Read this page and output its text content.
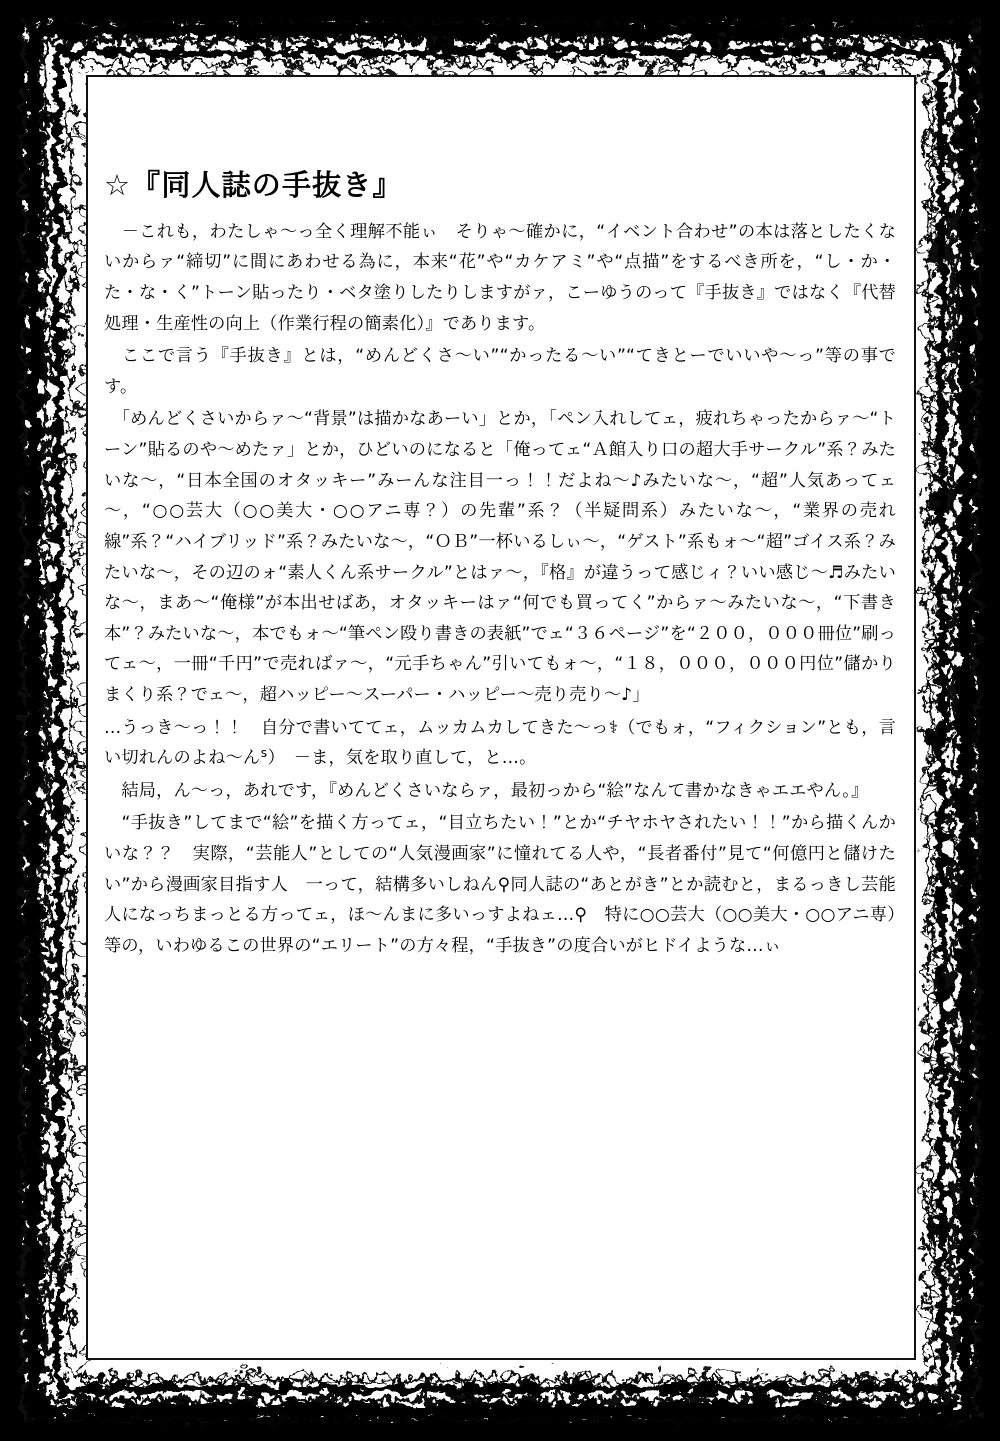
☆『同人誌の手抜き』

　－これも，わたしゃ～っ全く理解不能ぃ　そりゃ～確かに，“イベント合わせ”の本は落としたくないからァ“締切”に間にあわせる為に，本来“花”や“カケアミ”や“点描”をするべき所を，“し・か・た・な・く”トーン貼ったり・ベタ塗りしたりしますがァ，こーゆうのって『手抜き』ではなく『代替処理・生産性の向上（作業行程の簡素化）』であります。

　ここで言う『手抜き』とは，“めんどくさ～い”“かったる～い”“てきとーでいいや～っ”等の事です。

　「めんどくさいからァ～“背景”は描かなあーい」とか，「ペン入れしてェ，疲れちゃったからァ～“トーン”貼るのや～めたァ」とか，ひどいのになると「俺ってェ“Ａ館入り口の超大手サークル”系？みたいな～，“日本全国のオタッキー”みーんな注目一っ！！だよね～♪みたいな～，“超”人気あってェ～，“○○芸大（○○美大・○○アニ専？）の先輩”系？（半疑問系）みたいな～，“業界の売れ線”系？“ハイブリッド”系？みたいな～，“ＯＢ”一杯いるしぃ～，“ゲスト”系もォ～“超”ゴイス系？みたいな～，その辺のォ“素人くん系サークル”とはァ～，『格』が違うって感じィ？いい感じ～♬みたいな～，まあ～“俺様”が本出せばあ，オタッキーはァ“何でも買ってく”からァ～みたいな～，“下書き本”？みたいな～，本でもォ～“筆ペン殴り書きの表紙”でェ“３６ページ”を“２００，０００冊位”刷ってェ～，一冊“千円”で売ればァ～，“元手ちゃん”引いてもォ～，“１８，０００，０００円位”儲かりまくり系？でェ～，超ハッピー～スーパー・ハッピー～売り売り～♪」

…うっき～っ！！　自分で書いててェ，ムッカムカしてきた～っ⚕（でもォ，“フィクション”とも，言い切れんのよね～んᔆ）　－ま，気を取り直して，と…。

　結局，ん～っ，あれです，『めんどくさいならァ，最初っから“絵”なんて書かなきゃエエやん。』

　“手抜き”してまで“絵”を描く方ってェ，“目立ちたい！”とか“チヤホヤされたい！！”から描くんかいな？？　実際，“芸能人”としての“人気漫画家”に憧れてる人や，“長者番付”見て“何億円と儲けたい”から漫画家目指す人　一って，結構多いしねん⚲同人誌の“あとがき”とか読むと，まるっきし芸能人になっちまっとる方ってェ，ほ～んまに多いっすよねェ…⚲　特に○○芸大（○○美大・○○アニ専）等の，いわゆるこの世界の“エリート”の方々程，“手抜き”の度合いがヒドイような…ぃ
